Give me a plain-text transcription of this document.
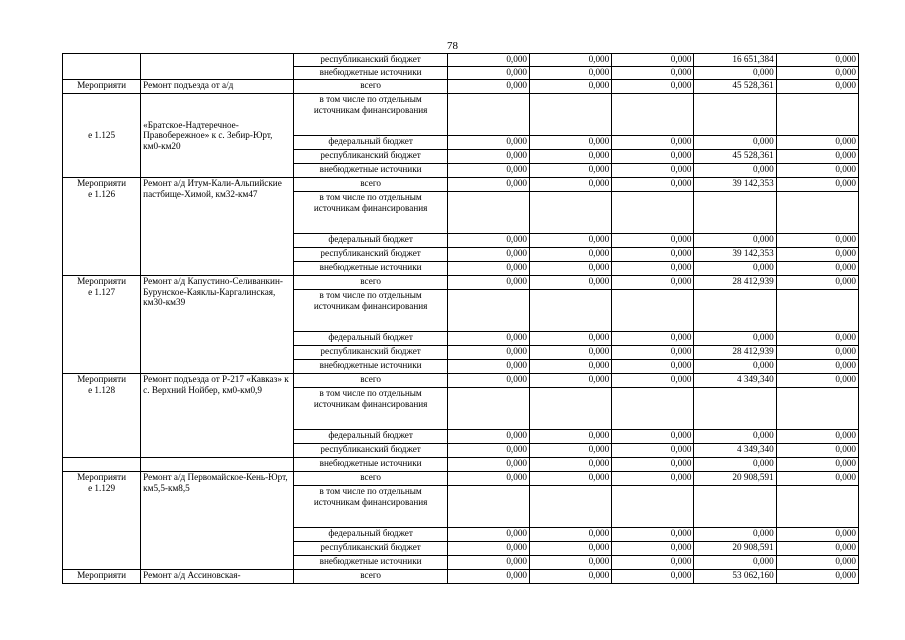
78
		республиканский бюджет	0,000	0,000	0,000	16 651,384	0,000
		внебюджетные источники	0,000	0,000	0,000	0,000	0,000
Мероприяти	Ремонт подъезда от а/д	всего	0,000	0,000	0,000	45 528,361	0,000
е 1.125	«Братское-Надтеречное-Правобережное» к с. Зебир-Юрт, км0-км20	в том числе по отдельным источникам финансирования					
		федеральный бюджет	0,000	0,000	0,000	0,000	0,000
		республиканский бюджет	0,000	0,000	0,000	45 528,361	0,000
		внебюджетные источники	0,000	0,000	0,000	0,000	0,000

Мероприяти
е 1.126	Ремонт а/д Итум-Кали-Альпийские пастбище-Химой, км32-км47	всего	0,000	0,000	0,000	39 142,353	0,000
		в том числе по отдельным источникам финансирования					
		федеральный бюджет	0,000	0,000	0,000	0,000	0,000
		республиканский бюджет	0,000	0,000	0,000	39 142,353	0,000
		внебюджетные источники	0,000	0,000	0,000	0,000	0,000

Мероприяти
е 1.127	Ремонт а/д Капустино-Селиванкин-Бурунское-Каяклы-Каргалинская, км30-км39	всего	0,000	0,000	0,000	28 412,939	0,000
		в том числе по отдельным источникам финансирования					
		федеральный бюджет	0,000	0,000	0,000	0,000	0,000
		республиканский бюджет	0,000	0,000	0,000	28 412,939	0,000
		внебюджетные источники	0,000	0,000	0,000	0,000	0,000

Мероприяти
е 1.128	Ремонт подъезда от Р-217 «Кавказ» к с. Верхний Нойбер, км0-км0,9	всего	0,000	0,000	0,000	4 349,340	0,000
		в том числе по отдельным источникам финансирования					
		федеральный бюджет	0,000	0,000	0,000	0,000	0,000
		республиканский бюджет	0,000	0,000	0,000	4 349,340	0,000
		внебюджетные источники	0,000	0,000	0,000	0,000	0,000

Мероприяти
е 1.129	Ремонт а/д Первомайское-Кень-Юрт, км5,5-км8,5	всего	0,000	0,000	0,000	20 908,591	0,000
		в том числе по отдельным источникам финансирования					
		федеральный бюджет	0,000	0,000	0,000	0,000	0,000
		республиканский бюджет	0,000	0,000	0,000	20 908,591	0,000
		внебюджетные источники	0,000	0,000	0,000	0,000	0,000
Мероприяти	Ремонт а/д Ассиновская-	всего	0,000	0,000	0,000	53 062,160	0,000
